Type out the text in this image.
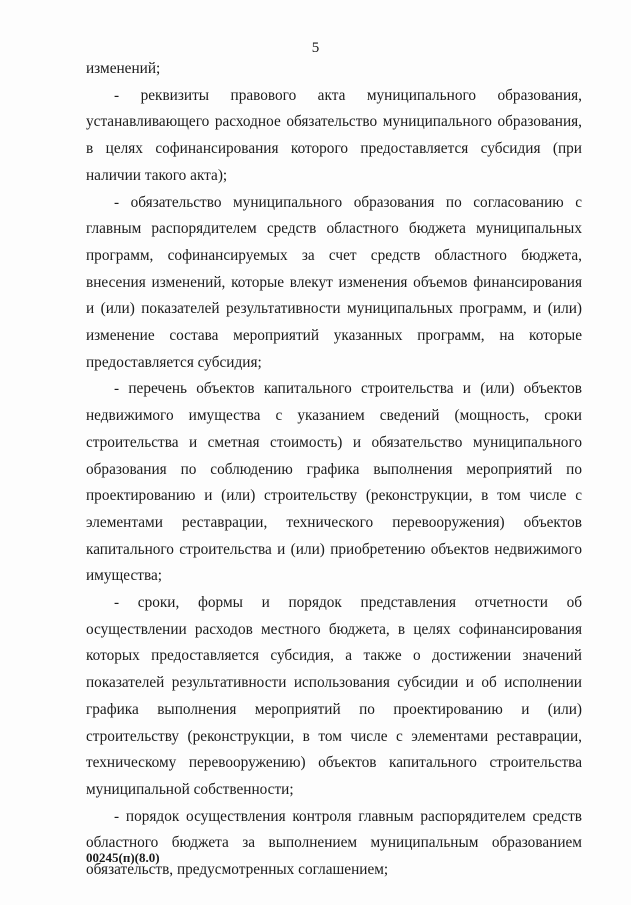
5

изменений;

- реквизиты правового акта муниципального образования, устанавливающего расходное обязательство муниципального образования, в целях софинансирования которого предоставляется субсидия (при наличии такого акта);

- обязательство муниципального образования по согласованию с главным распорядителем средств областного бюджета муниципальных программ, софинансируемых за счет средств областного бюджета, внесения изменений, которые влекут изменения объемов финансирования и (или) показателей результативности муниципальных программ, и (или) изменение состава мероприятий указанных программ, на которые предоставляется субсидия;

- перечень объектов капитального строительства и (или) объектов недвижимого имущества с указанием сведений (мощность, сроки строительства и сметная стоимость) и обязательство муниципального образования по соблюдению графика выполнения мероприятий по проектированию и (или) строительству (реконструкции, в том числе с элементами реставрации, технического перевооружения) объектов капитального строительства и (или) приобретению объектов недвижимого имущества;

- сроки, формы и порядок представления отчетности об осуществлении расходов местного бюджета, в целях софинансирования которых предоставляется субсидия, а также о достижении значений показателей результативности использования субсидии и об исполнении графика выполнения мероприятий по проектированию и (или) строительству (реконструкции, в том числе с элементами реставрации, техническому перевооружению) объектов капитального строительства муниципальной собственности;

- порядок осуществления контроля главным распорядителем средств областного бюджета за выполнением муниципальным образованием обязательств, предусмотренных соглашением;

00245(п)(8.0)
